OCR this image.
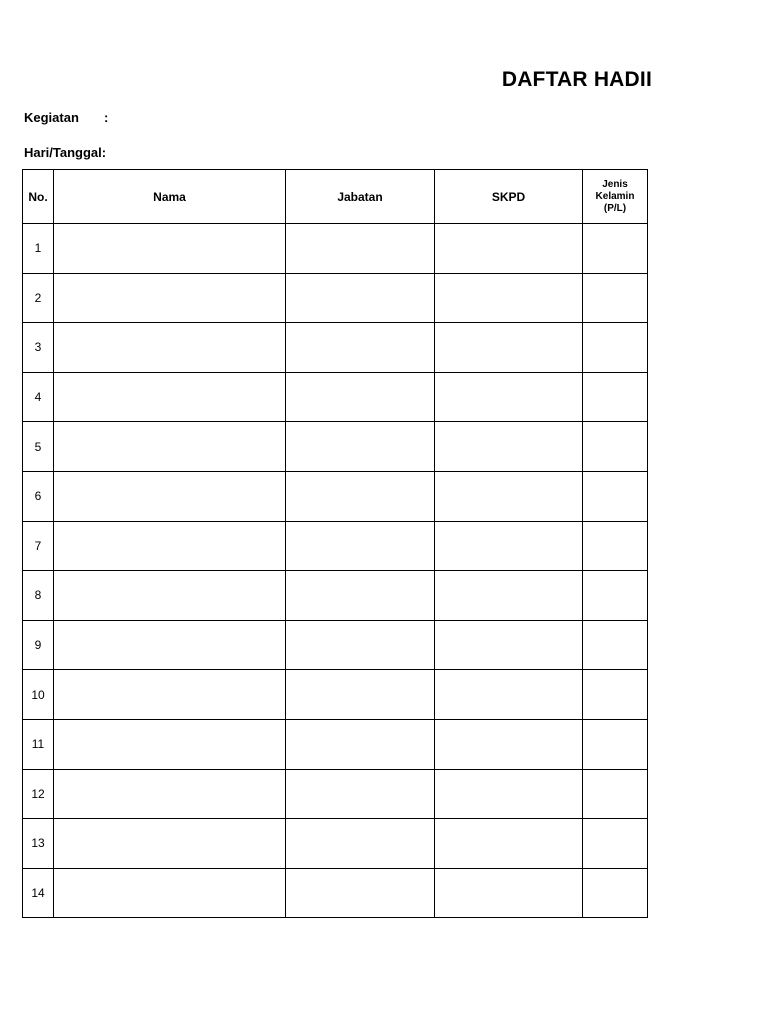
DAFTAR HADII
Kegiatan :
Hari/Tanggal:
No.	Nama	Jabatan	SKPD	Jenis
Kelamin
(P/L)

1				
2				
3				
4				
5				
6				
7				
8				
9				
10				
11				
12				
13				
14				
